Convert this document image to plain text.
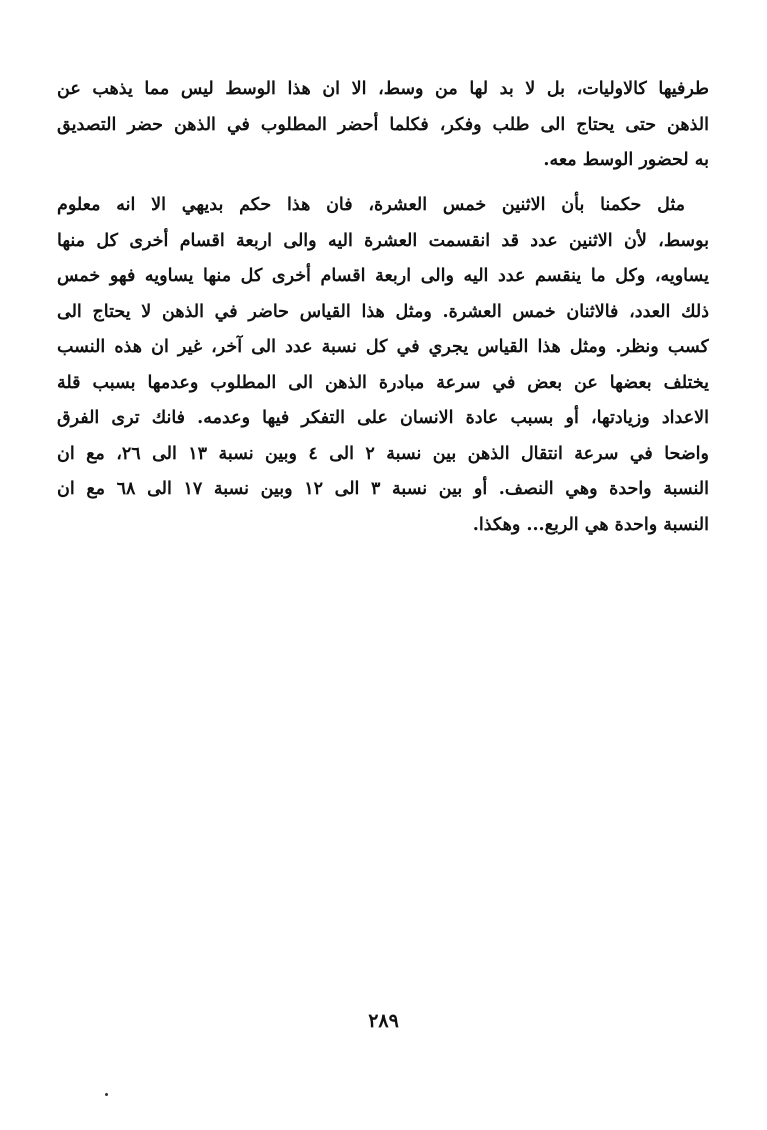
طرفيها كالاوليات، بل لا بد لها من وسط، الا ان هذا الوسط ليس مما يذهب عن
الذهن حتى يحتاج الى طلب وفكر، فكلما أحضر المطلوب في الذهن حضر التصديق
به لحضور الوسط معه.
مثل حكمنا بأن الاثنين خمس العشرة، فان هذا حكم بديهي الا انه معلوم
بوسط، لأن الاثنين عدد قد انقسمت العشرة اليه والى اربعة اقسام أخرى كل منها
يساويه، وكل ما ينقسم عدد اليه والى اربعة اقسام أخرى كل منها يساويه فهو خمس
ذلك العدد، فالاثنان خمس العشرة. ومثل هذا القياس حاضر في الذهن لا يحتاج الى
كسب ونظر. ومثل هذا القياس يجري في كل نسبة عدد الى آخر، غير ان هذه النسب
يختلف بعضها عن بعض في سرعة مبادرة الذهن الى المطلوب وعدمها بسبب قلة
الاعداد وزيادتها، أو بسبب عادة الانسان على التفكر فيها وعدمه. فانك ترى الفرق
واضحا في سرعة انتقال الذهن بين نسبة ٢ الى ٤ وبين نسبة ١٣ الى ٢٦، مع ان
النسبة واحدة وهي النصف. أو بين نسبة ٣ الى ١٢ وبين نسبة ١٧ الى ٦٨ مع ان
النسبة واحدة هي الربع... وهكذا.
٢٨٩
